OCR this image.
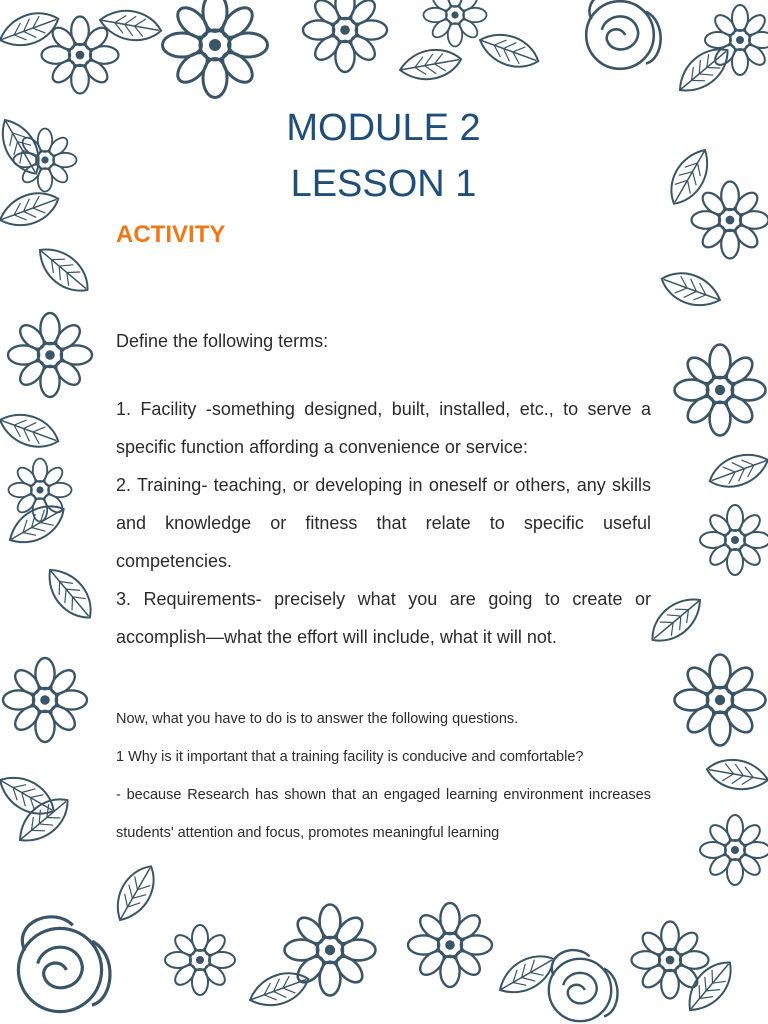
MODULE 2
LESSON 1
ACTIVITY

Define the following terms:

1. Facility -something designed, built, installed, etc., to serve a specific function affording a convenience or service:

2. Training- teaching, or developing in oneself or others, any skills and knowledge or fitness that relate to specific useful competencies.

3. Requirements- precisely what you are going to create or accomplish—what the effort will include, what it will not.

Now, what you have to do is to answer the following questions.

1 Why is it important that a training facility is conducive and comfortable?

- because Research has shown that an engaged learning environment increases students' attention and focus, promotes meaningful learning
